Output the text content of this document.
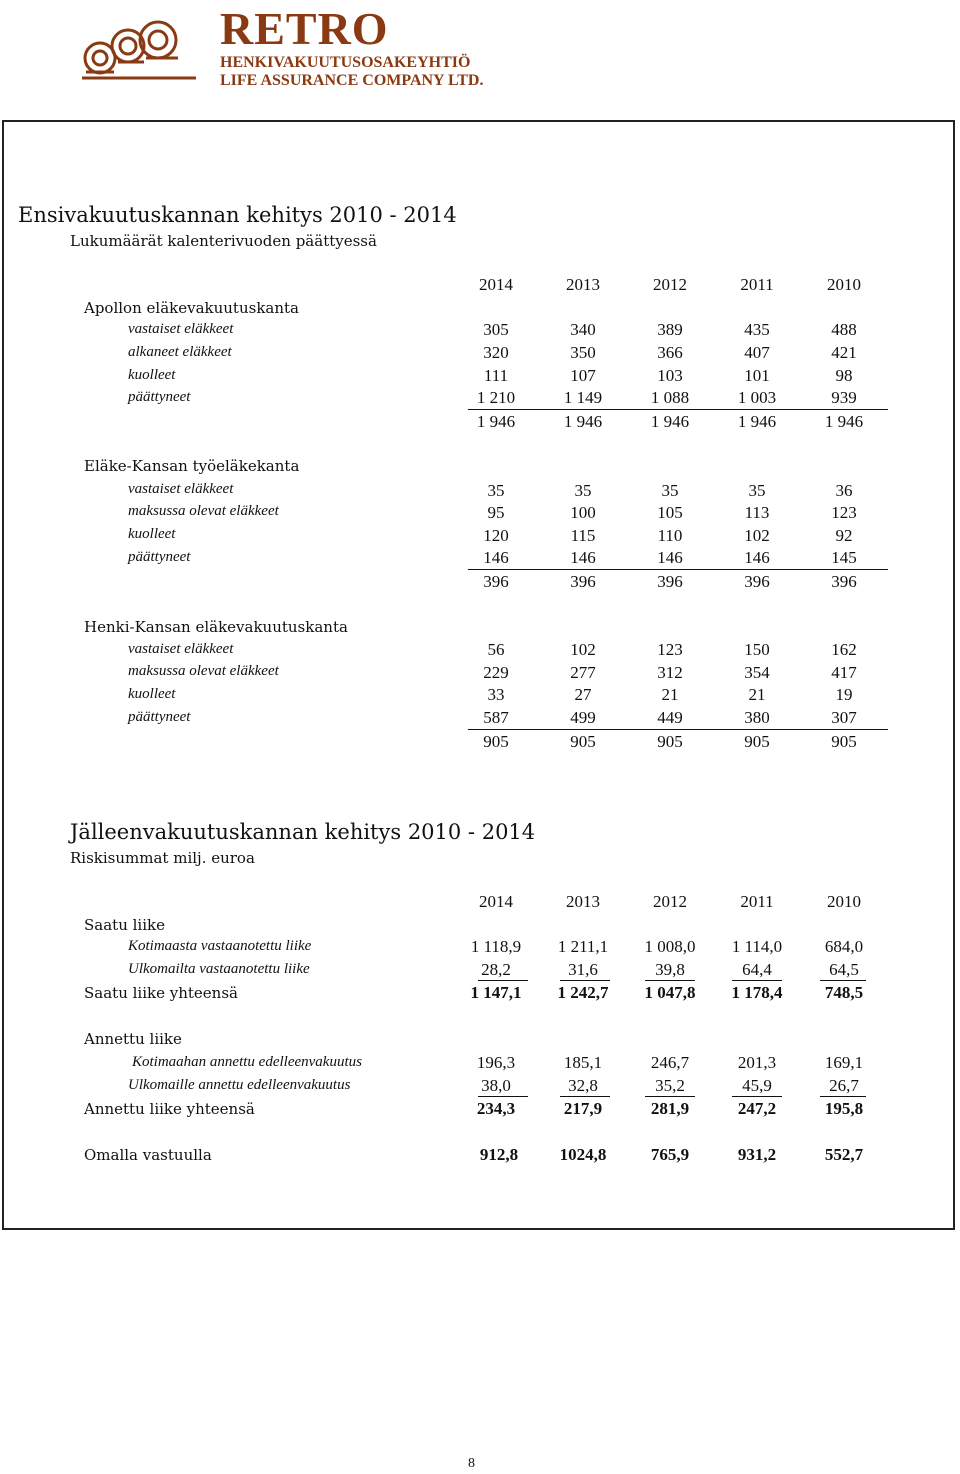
RETRO
HENKIVAKUUTUSOSAKEYHTIÖ
LIFE ASSURANCE COMPANY LTD.
Ensivakuutuskannan kehitys 2010 - 2014
Lukumäärät kalenterivuoden päättyessä
2014	2013	2012	2011	2010
Apollon eläkevakuutuskanta
vastaiset eläkkeet	305	340	389	435	488
alkaneet eläkkeet	320	350	366	407	421
kuolleet	111	107	103	101	98
päättyneet	1 210	1 149	1 088	1 003	939
1 946	1 946	1 946	1 946	1 946
Eläke-Kansan työeläkekanta
vastaiset eläkkeet	35	35	35	35	36
maksussa olevat eläkkeet	95	100	105	113	123
kuolleet	120	115	110	102	92
päättyneet	146	146	146	146	145
396	396	396	396	396
Henki-Kansan eläkevakuutuskanta
vastaiset eläkkeet	56	102	123	150	162
maksussa olevat eläkkeet	229	277	312	354	417
kuolleet	33	27	21	21	19
päättyneet	587	499	449	380	307
905	905	905	905	905
Jälleenvakuutuskannan kehitys 2010 - 2014
Riskisummat milj. euroa
2014	2013	2012	2011	2010
Saatu liike
Kotimaasta vastaanotettu liike	1 118,9	1 211,1	1 008,0	1 114,0	684,0
Ulkomailta vastaanotettu liike	28,2	31,6	39,8	64,4	64,5
Saatu liike yhteensä	1 147,1	1 242,7	1 047,8	1 178,4	748,5
Annettu liike
Kotimaahan annettu edelleenvakuutus	196,3	185,1	246,7	201,3	169,1
Ulkomaille annettu edelleenvakuutus	38,0	32,8	35,2	45,9	26,7
Annettu liike yhteensä	234,3	217,9	281,9	247,2	195,8
Omalla vastuulla	912,8	1024,8	765,9	931,2	552,7
8
